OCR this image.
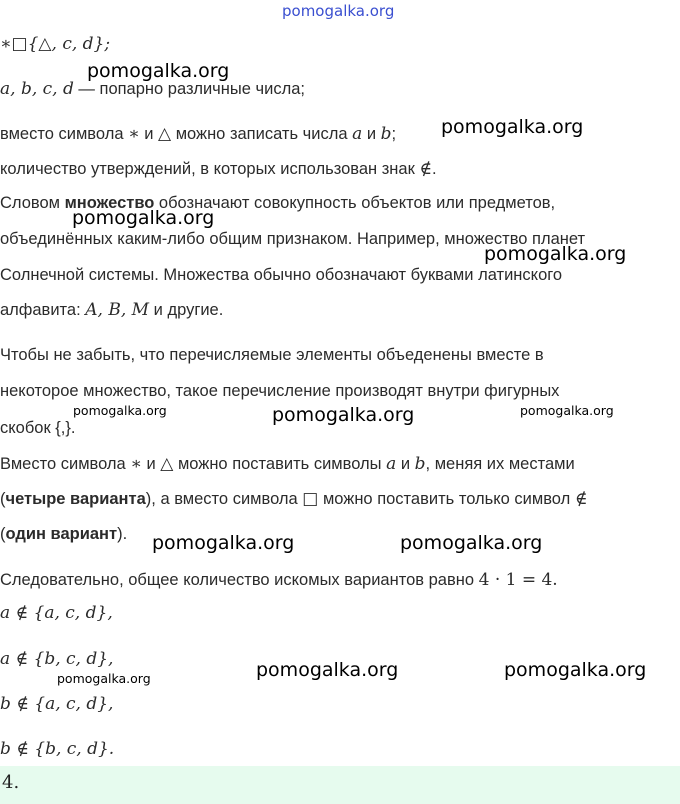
pomogalka.org
∗□{△, c, d};
a, b, c, d — попарно различные числа;
вместо символа ∗ и △ можно записать числа a и b;
количество утверждений, в которых использован знак ∉.
Словом множество обозначают совокупность объектов или предметов,
объединённых каким-либо общим признаком. Например, множество планет
Солнечной системы. Множества обычно обозначают буквами латинского
алфавита: A, B, M и другие.
Чтобы не забыть, что перечисляемые элементы объеденены вместе в
некоторое множество, такое перечисление производят внутри фигурных
скобок {,}.
Вместо символа ∗ и △ можно поставить символы a и b, меняя их местами
(четыре варианта), а вместо символа □ можно поставить только символ ∉
(один вариант).
Следовательно, общее количество искомых вариантов равно 4 · 1 = 4.
a ∉ {a, c, d},
a ∉ {b, c, d},
b ∉ {a, c, d},
b ∉ {b, c, d}.
4.
pomogalka.org
pomogalka.org
pomogalka.org
pomogalka.org
pomogalka.org	pomogalka.org	pomogalka.org
pomogalka.org	pomogalka.org
pomogalka.org	pomogalka.org
pomogalka.org
